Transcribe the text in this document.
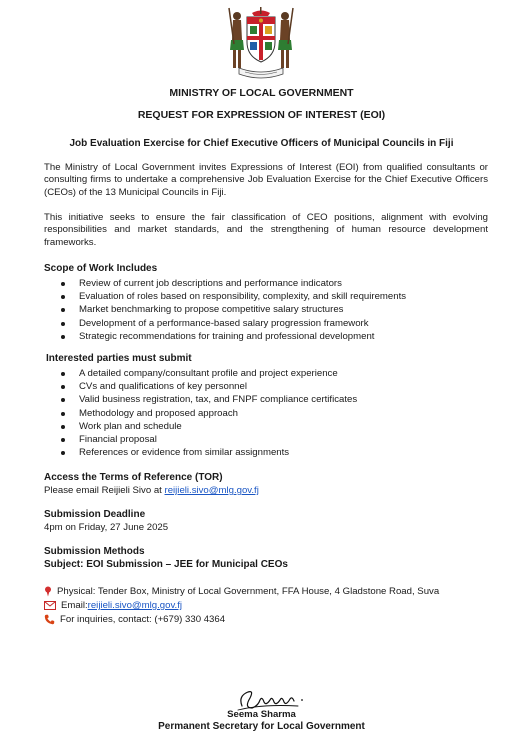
MINISTRY OF LOCAL GOVERNMENT
REQUEST FOR EXPRESSION OF INTEREST (EOI)
Job Evaluation Exercise for Chief Executive Officers of Municipal Councils in Fiji

The Ministry of Local Government invites Expressions of Interest (EOI) from qualified consultants or consulting firms to undertake a comprehensive Job Evaluation Exercise for the Chief Executive Officers (CEOs) of the 13 Municipal Councils in Fiji.

This initiative seeks to ensure the fair classification of CEO positions, alignment with evolving responsibilities and market standards, and the strengthening of human resource development frameworks.

Scope of Work Includes

Review of current job descriptions and performance indicators
Evaluation of roles based on responsibility, complexity, and skill requirements
Market benchmarking to propose competitive salary structures
Development of a performance-based salary progression framework
Strategic recommendations for training and professional development

Interested parties must submit

A detailed company/consultant profile and project experience
CVs and qualifications of key personnel
Valid business registration, tax, and FNPF compliance certificates
Methodology and proposed approach
Work plan and schedule
Financial proposal
References or evidence from similar assignments

Access the Terms of Reference (TOR)

Please email Reijieli Sivo at reijieli.sivo@mlg.gov.fj

Submission Deadline

4pm on Friday, 27 June 2025

Submission Methods

Subject: EOI Submission – JEE for Municipal CEOs

Physical: Tender Box, Ministry of Local Government, FFA House, 4 Gladstone Road, Suva
Email: reijieli.sivo@mlg.gov.fj
For inquiries, contact: (+679) 330 4364
Seema Sharma
Permanent Secretary for Local Government
